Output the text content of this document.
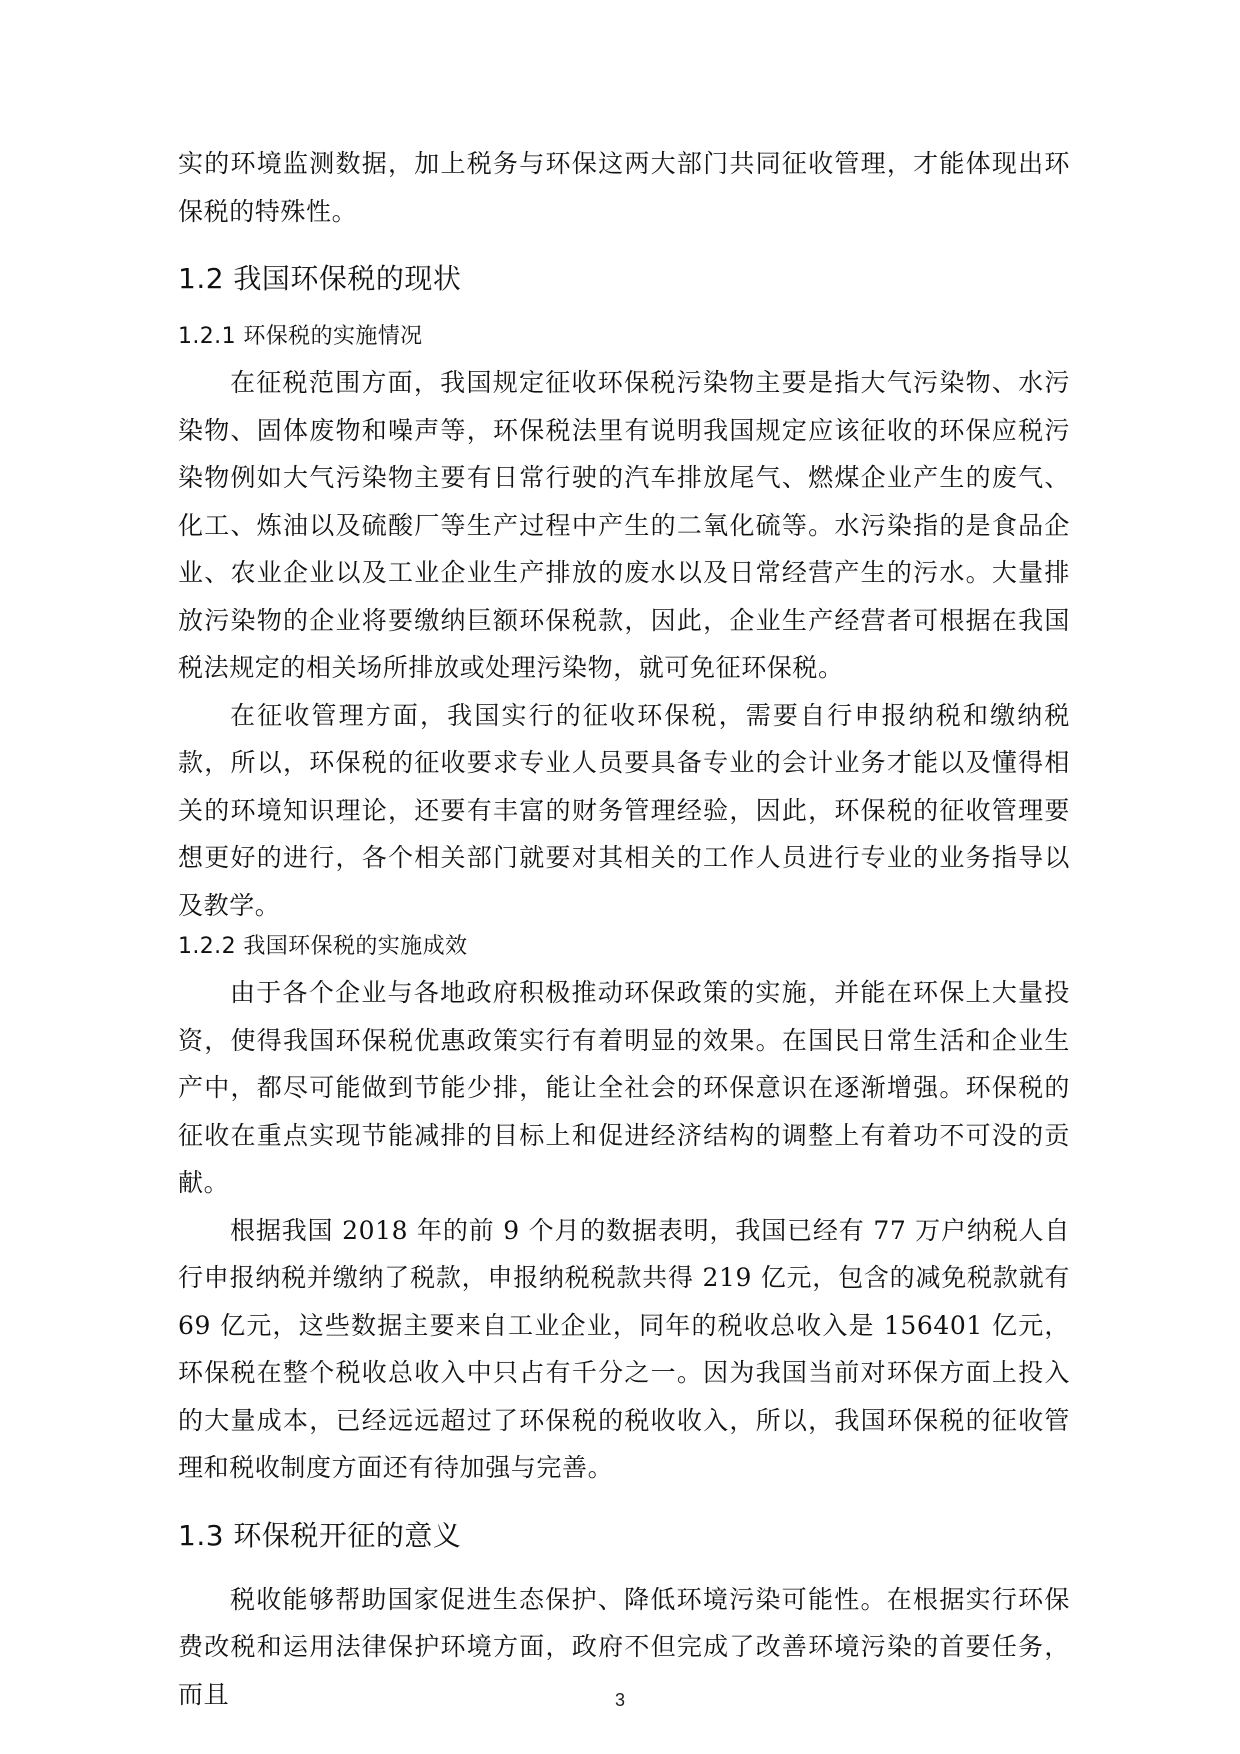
实的环境监测数据，加上税务与环保这两大部门共同征收管理，才能体现出环保税的特殊性。

1.2 我国环保税的现状
1.2.1 环保税的实施情况

在征税范围方面，我国规定征收环保税污染物主要是指大气污染物、水污染物、固体废物和噪声等，环保税法里有说明我国规定应该征收的环保应税污染物例如大气污染物主要有日常行驶的汽车排放尾气、燃煤企业产生的废气、化工、炼油以及硫酸厂等生产过程中产生的二氧化硫等。水污染指的是食品企业、农业企业以及工业企业生产排放的废水以及日常经营产生的污水。大量排放污染物的企业将要缴纳巨额环保税款，因此，企业生产经营者可根据在我国税法规定的相关场所排放或处理污染物，就可免征环保税。

在征收管理方面，我国实行的征收环保税，需要自行申报纳税和缴纳税款，所以，环保税的征收要求专业人员要具备专业的会计业务才能以及懂得相关的环境知识理论，还要有丰富的财务管理经验，因此，环保税的征收管理要想更好的进行，各个相关部门就要对其相关的工作人员进行专业的业务指导以及教学。

1.2.2 我国环保税的实施成效

由于各个企业与各地政府积极推动环保政策的实施，并能在环保上大量投资，使得我国环保税优惠政策实行有着明显的效果。在国民日常生活和企业生产中，都尽可能做到节能少排，能让全社会的环保意识在逐渐增强。环保税的征收在重点实现节能减排的目标上和促进经济结构的调整上有着功不可没的贡献。

根据我国 2018 年的前 9 个月的数据表明，我国已经有 77 万户纳税人自行申报纳税并缴纳了税款，申报纳税税款共得 219 亿元，包含的减免税款就有 69 亿元，这些数据主要来自工业企业，同年的税收总收入是 156401 亿元，环保税在整个税收总收入中只占有千分之一。因为我国当前对环保方面上投入的大量成本，已经远远超过了环保税的税收收入，所以，我国环保税的征收管理和税收制度方面还有待加强与完善。

1.3 环保税开征的意义

税收能够帮助国家促进生态保护、降低环境污染可能性。在根据实行环保费改税和运用法律保护环境方面，政府不但完成了改善环境污染的首要任务，而且	3
